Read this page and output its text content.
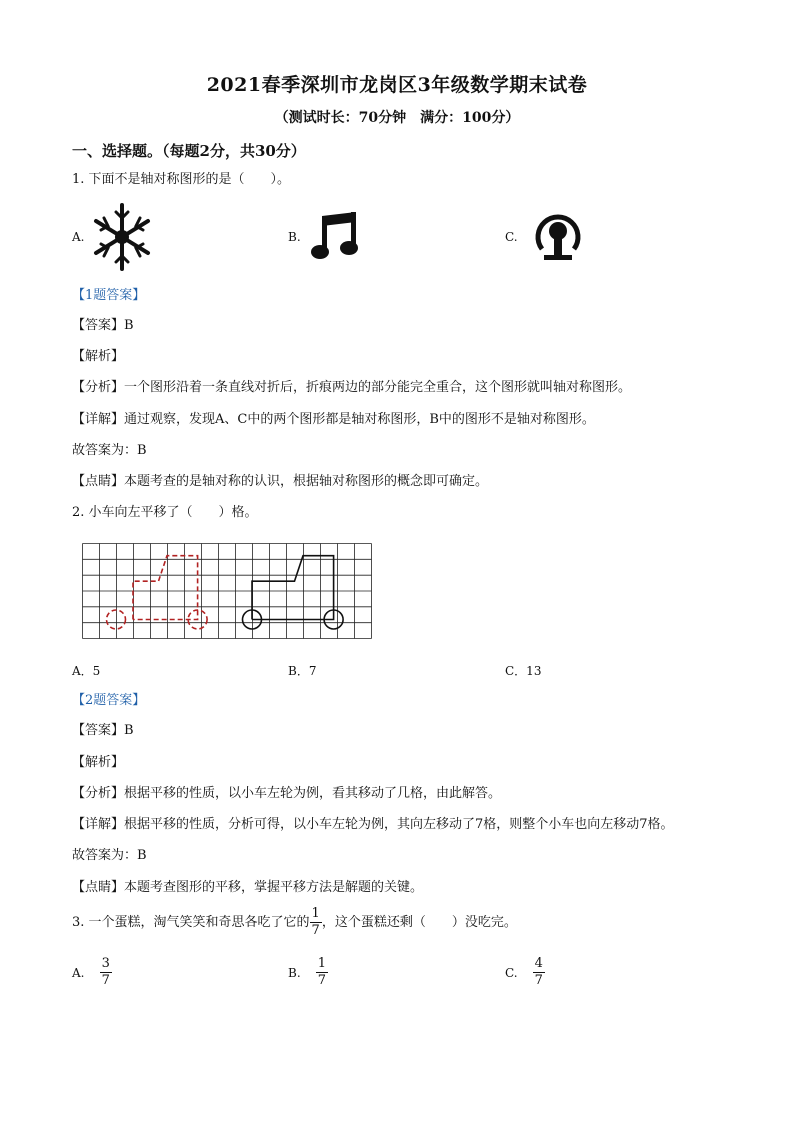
2021春季深圳市龙岗区3年级数学期末试卷
（测试时长：70分钟　满分：100分）
一、选择题。（每题2分，共30分）
1. 下面不是轴对称图形的是（　　）。
A.	B.	C.
【1题答案】
【答案】B
【解析】
【分析】一个图形沿着一条直线对折后，折痕两边的部分能完全重合，这个图形就叫轴对称图形。
【详解】通过观察，发现A、C中的两个图形都是轴对称图形，B中的图形不是轴对称图形。
故答案为：B
【点睛】本题考查的是轴对称的认识，根据轴对称图形的概念即可确定。
2. 小车向左平移了（　　）格。
A．5	B．7	C．13
【2题答案】
【答案】B
【解析】
【分析】根据平移的性质，以小车左轮为例，看其移动了几格，由此解答。
【详解】根据平移的性质，分析可得，以小车左轮为例，其向左移动了7格，则整个小车也向左移动7格。
故答案为：B
【点睛】本题考查图形的平移，掌握平移方法是解题的关键。
3. 一个蛋糕，淘气笑笑和奇思各吃了它的 $\frac{1}{7}$ ，这个蛋糕还剩（　　）没吃完。
A. $\frac{3}{7}$	B. $\frac{1}{7}$	C. $\frac{4}{7}$
